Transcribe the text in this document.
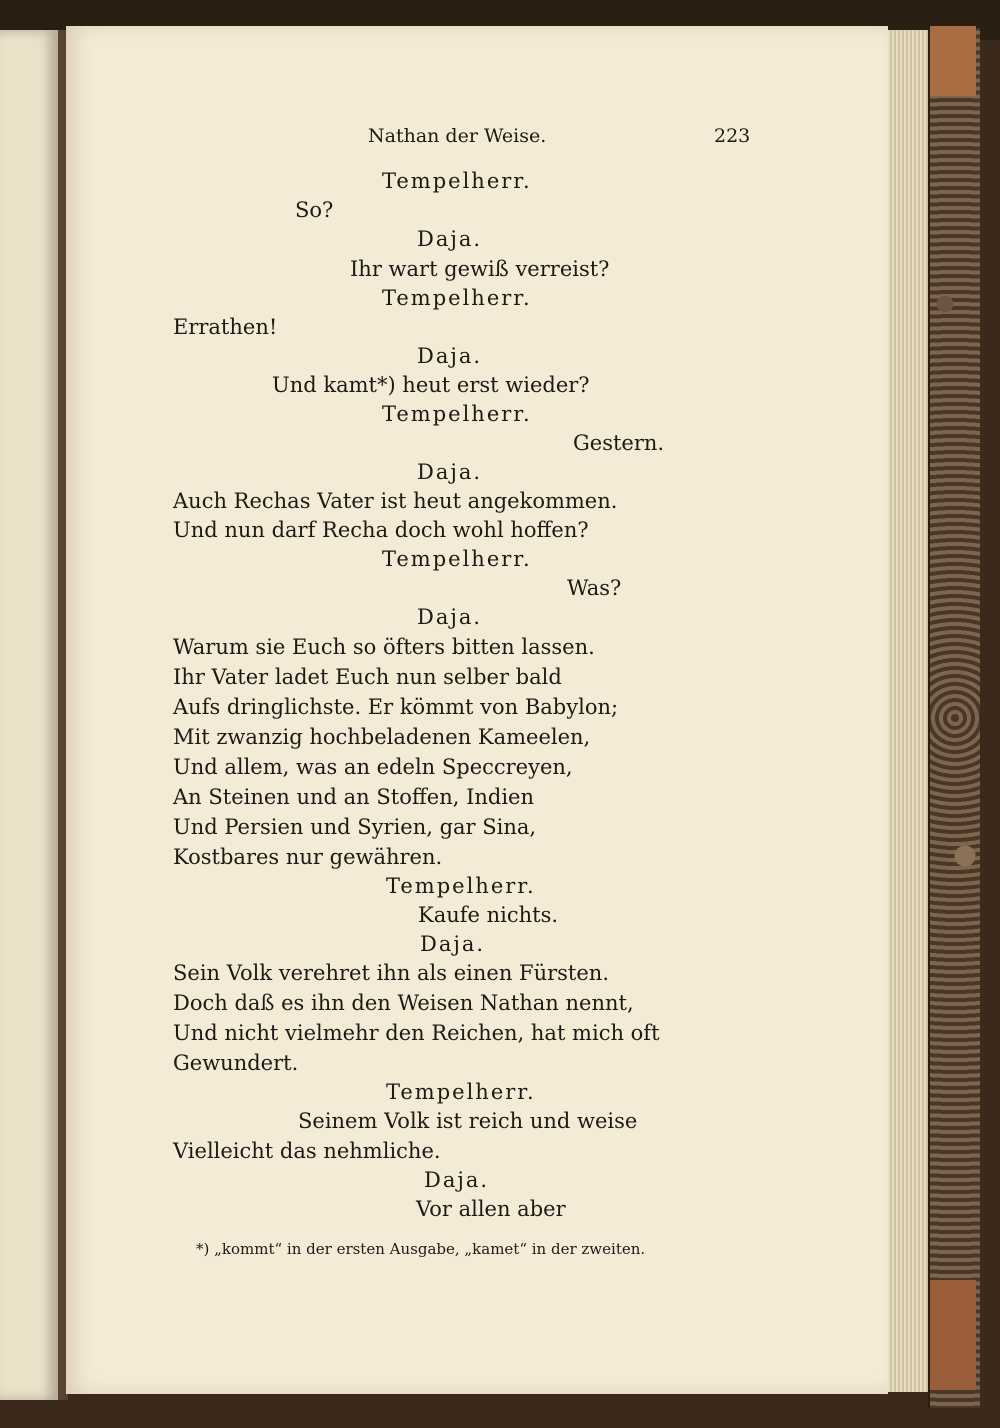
Nathan der Weise.	223
Tempelherr.
So?
Daja.
Ihr wart gewiß verreist?
Tempelherr.
Errathen!
Daja.
Und kamt*) heut erst wieder?
Tempelherr.
Gestern.
Daja.
Auch Rechas Vater ist heut angekommen.
Und nun darf Recha doch wohl hoffen?
Tempelherr.
Was?
Daja.
Warum sie Euch so öfters bitten lassen.
Ihr Vater ladet Euch nun selber bald
Aufs dringlichste. Er kömmt von Babylon;
Mit zwanzig hochbeladenen Kameelen,
Und allem, was an edeln Speccreyen,
An Steinen und an Stoffen, Indien
Und Persien und Syrien, gar Sina,
Kostbares nur gewähren.
Tempelherr.
Kaufe nichts.
Daja.
Sein Volk verehret ihn als einen Fürsten.
Doch daß es ihn den Weisen Nathan nennt,
Und nicht vielmehr den Reichen, hat mich oft
Gewundert.
Tempelherr.
Seinem Volk ist reich und weise
Vielleicht das nehmliche.
Daja.
Vor allen aber
*) „kommt“ in der ersten Ausgabe, „kamet“ in der zweiten.
